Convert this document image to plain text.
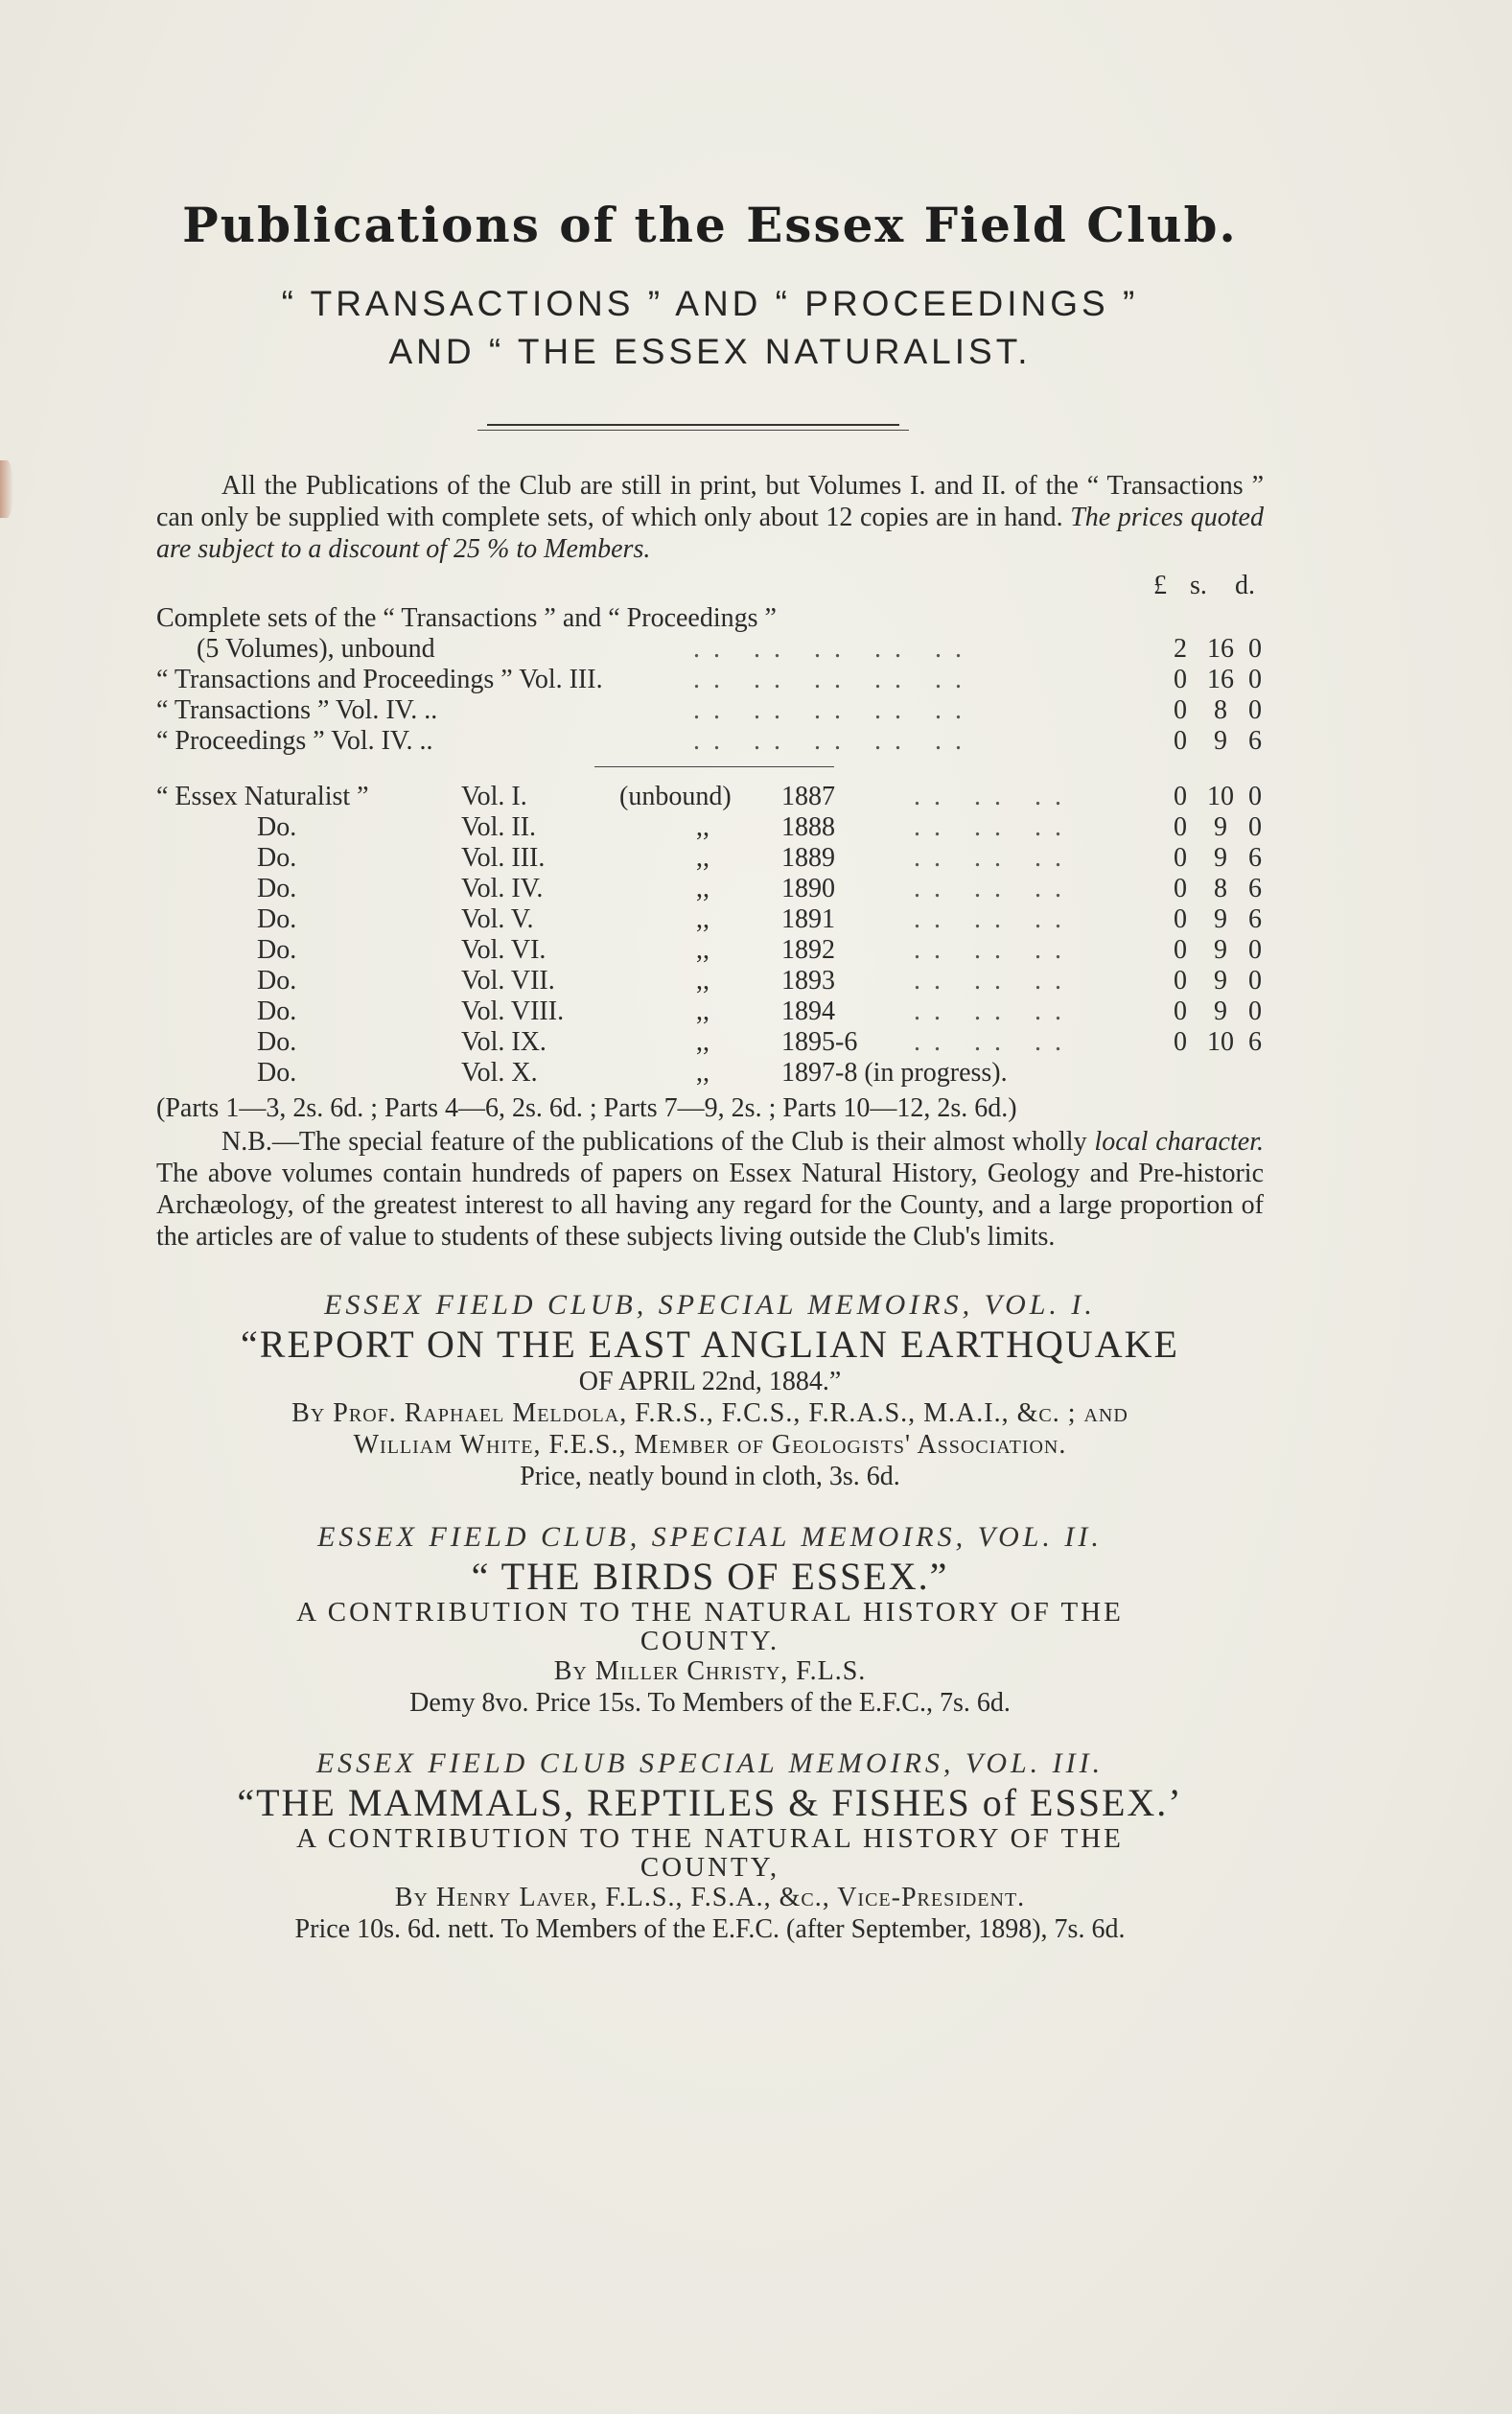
Publications of the Essex Field Club.
“ TRANSACTIONS ” AND “ PROCEEDINGS ”
AND “ THE ESSEX NATURALIST.

All the Publications of the Club are still in print, but Volumes I. and II. of the “ Transactions ” can only be supplied with complete sets, of which only about 12 copies are in hand. The prices quoted are subject to a discount of 25 % to Members.

£ s. d.
Complete sets of the “ Transactions ” and “ Proceedings ”
(5 Volumes), unbound	.. .. .. .. ..	2 16 0
“ Transactions and Proceedings ” Vol. III.	.. .. .. .. ..	0 16 0
“ Transactions ” Vol. IV. ..	.. .. .. .. ..	0	8 0
“ Proceedings ” Vol. IV. ..	.. .. .. .. ..	0	9 6
“ Essex Naturalist ”	Vol. I.	(unbound) 1887	.. .. ..	0 10 0
Do.	Vol. II.	,,	1888	.. .. ..	0	9 0
Do.	Vol. III.	,,	1889	.. .. ..	0	9 6
Do.	Vol. IV.	,,	1890	.. .. ..	0	8 6
Do.	Vol. V.	,,	1891	.. .. ..	0	9 6
Do.	Vol. VI.	,,	1892	.. .. ..	0	9 0
Do.	Vol. VII.	,,	1893	.. .. ..	0	9 0
Do.	Vol. VIII.	,,	1894	.. .. ..	0	9 0
Do.	Vol. IX.	,,	1895-6 .. .. ..	0 10 6
Do.	Vol. X.	,,	1897-8 (in progress).

(Parts 1—3, 2s. 6d. ; Parts 4—6, 2s. 6d. ; Parts 7—9, 2s. ; Parts 10—12, 2s. 6d.)

N.B.—The special feature of the publications of the Club is their almost wholly local character. The above volumes contain hundreds of papers on Essex Natural History, Geology and Pre-historic Archæology, of the greatest interest to all having any regard for the County, and a large proportion of the articles are of value to students of these subjects living outside the Club's limits.

ESSEX FIELD CLUB, SPECIAL MEMOIRS, VOL. I.
“REPORT ON THE EAST ANGLIAN EARTHQUAKE
OF APRIL 22nd, 1884.”
By Prof. Raphael Meldola, F.R.S., F.C.S., F.R.A.S., M.A.I., &c. ; and
William White, F.E.S., Member of Geologists' Association.
Price, neatly bound in cloth, 3s. 6d.
ESSEX FIELD CLUB, SPECIAL MEMOIRS, VOL. II.
“ THE BIRDS OF ESSEX.”
A CONTRIBUTION TO THE NATURAL HISTORY OF THE
COUNTY.
By Miller Christy, F.L.S.
Demy 8vo. Price 15s. To Members of the E.F.C., 7s. 6d.
ESSEX FIELD CLUB SPECIAL MEMOIRS, VOL. III.
“THE MAMMALS, REPTILES & FISHES of ESSEX.’
A CONTRIBUTION TO THE NATURAL HISTORY OF THE
COUNTY,
By Henry Laver, F.L.S., F.S.A., &c., Vice-President.
Price 10s. 6d. nett. To Members of the E.F.C. (after September, 1898), 7s. 6d.
